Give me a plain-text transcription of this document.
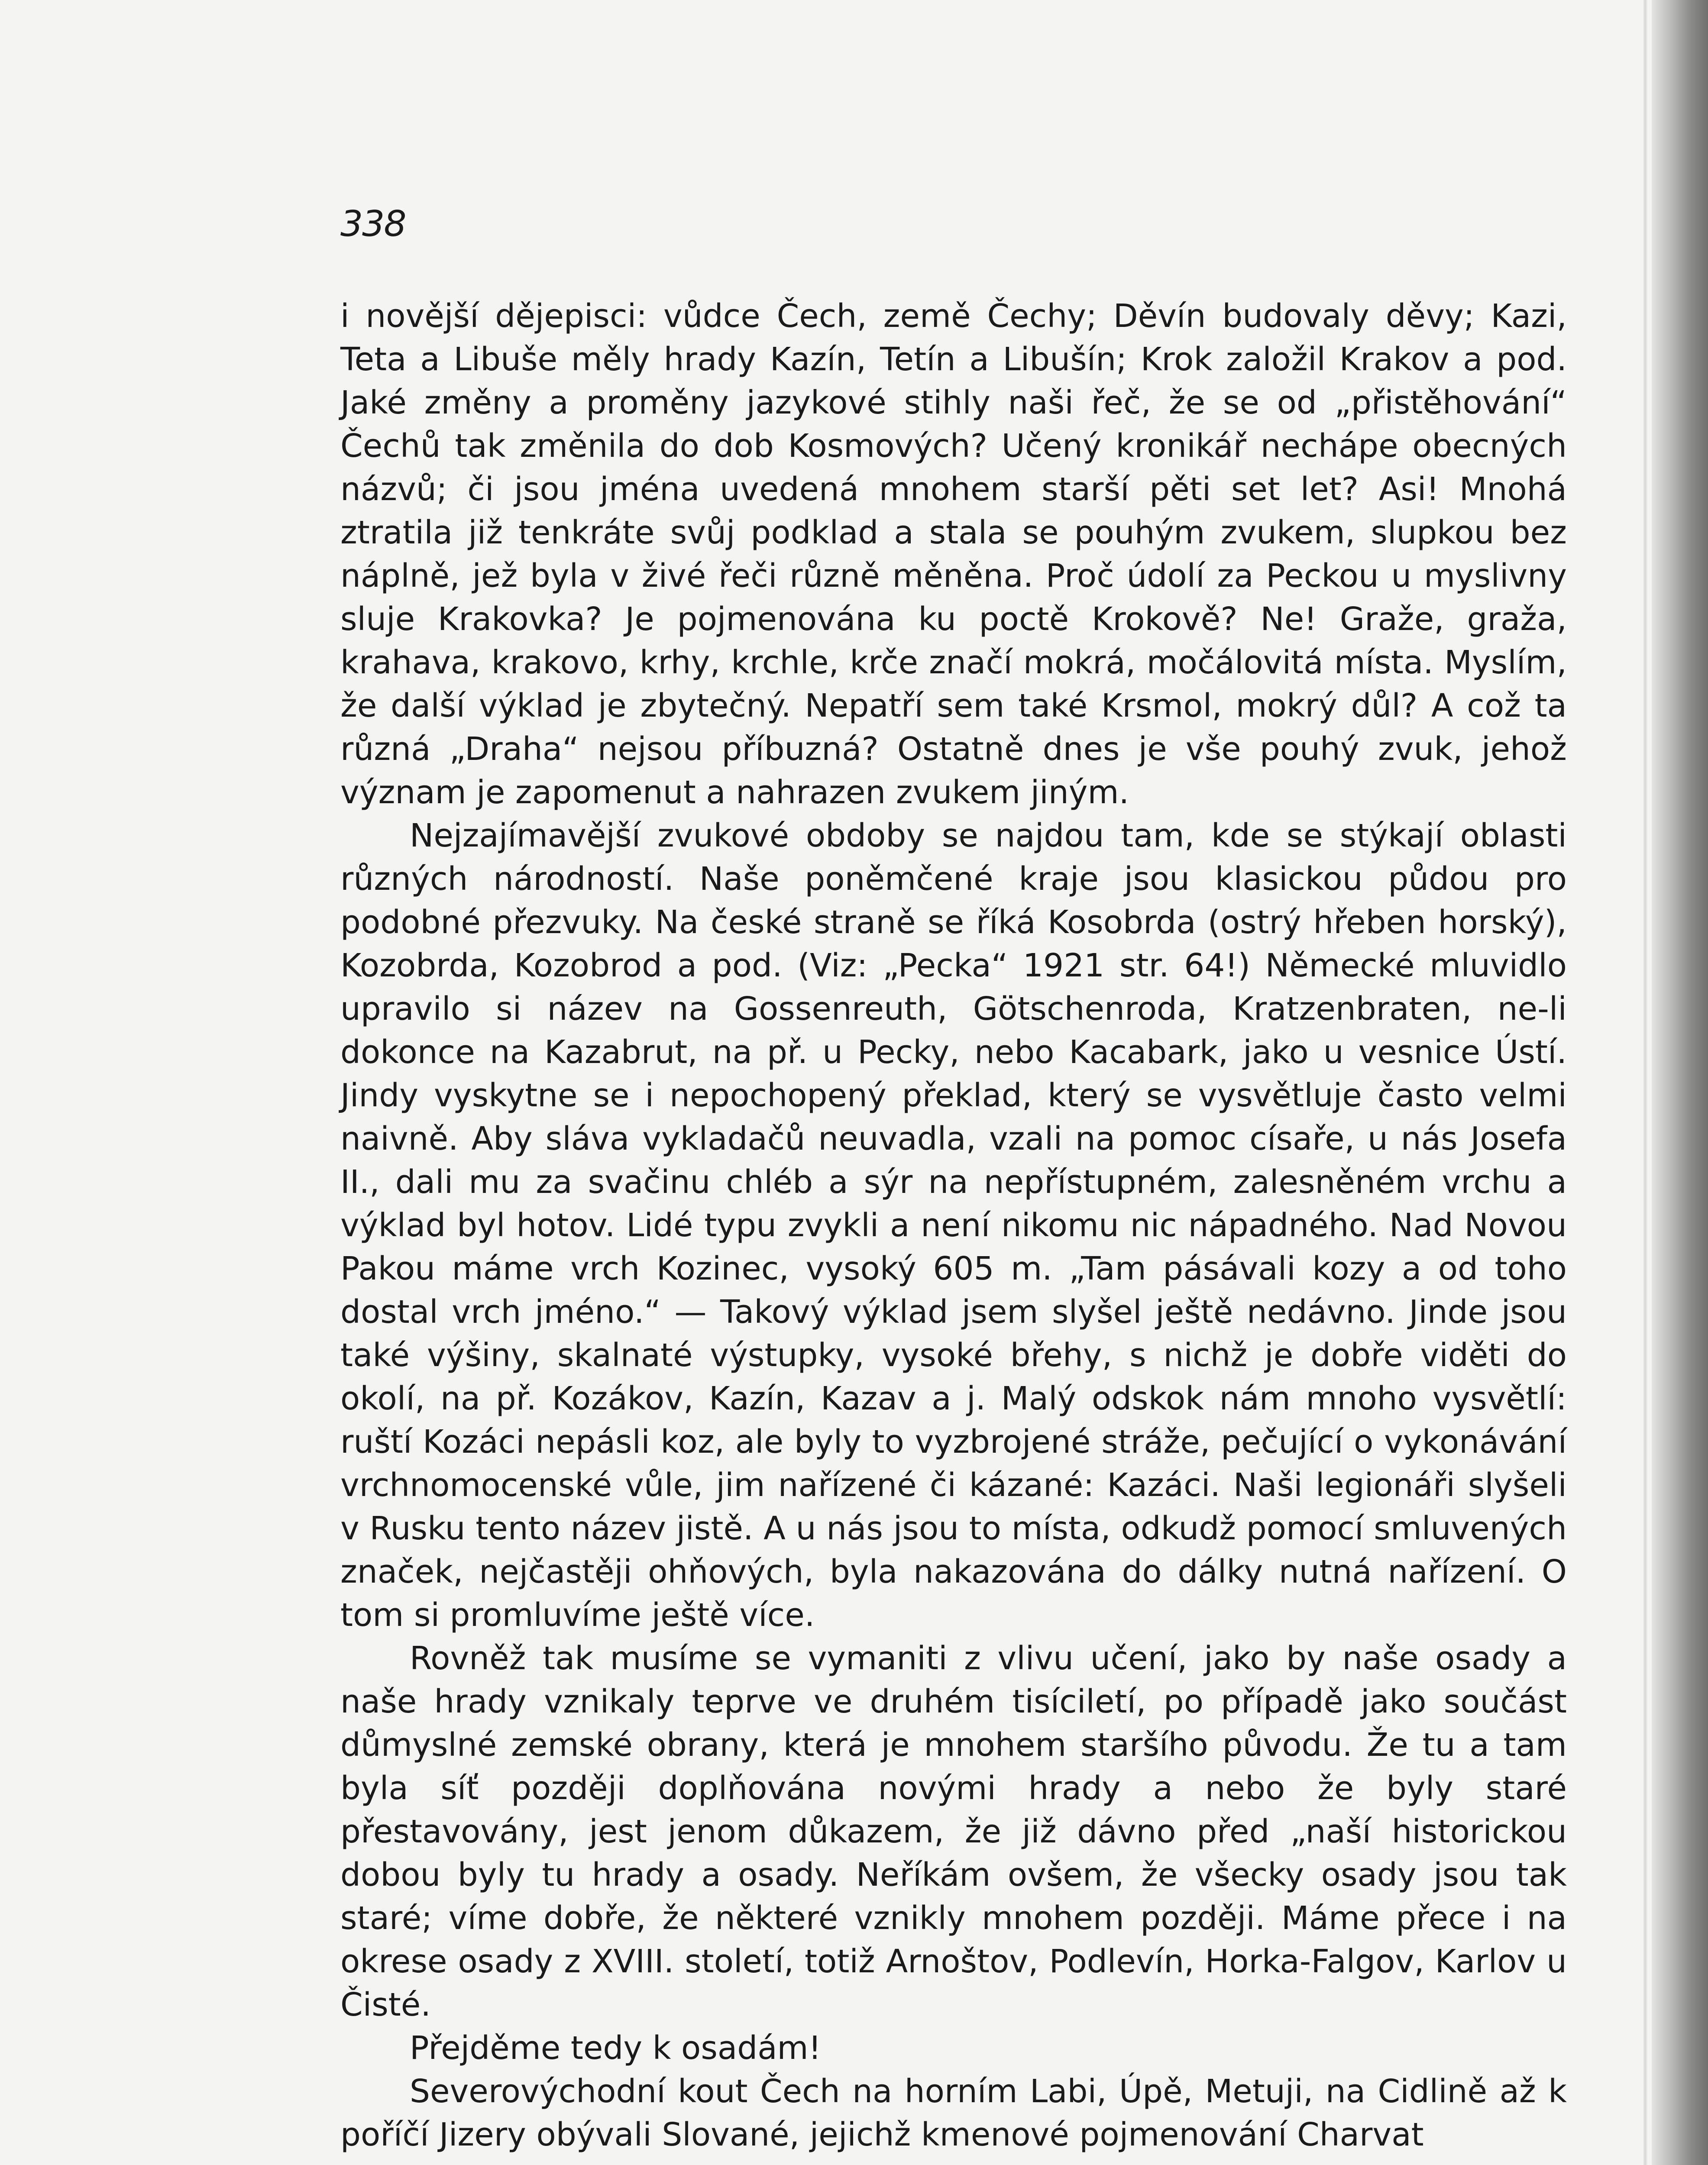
338

i novější dějepisci: vůdce Čech, země Čechy; Děvín budovaly děvy; Kazi, Teta a Libuše měly hrady Kazín, Tetín a Libušín; Krok založil Krakov a pod. Jaké změny a proměny jazykové stihly naši řeč, že se od „přistěhování“ Čechů tak změnila do dob Kosmových? Učený kronikář nechápe obecných názvů; či jsou jména uvedená mnohem starší pěti set let? Asi! Mnohá ztratila již tenkráte svůj podklad a stala se pouhým zvukem, slupkou bez náplně, jež byla v živé řeči různě měněna. Proč údolí za Peckou u myslivny sluje Krakovka? Je pojmenována ku poctě Krokově? Ne! Graže, graža, krahava, krakovo, krhy, krchle, krče značí mokrá, močálovitá místa. Myslím, že další výklad je zbytečný. Nepatří sem také Krsmol, mokrý důl? A což ta různá „Draha“ nejsou příbuzná? Ostatně dnes je vše pouhý zvuk, jehož význam je zapomenut a nahrazen zvukem jiným.

Nejzajímavější zvukové obdoby se najdou tam, kde se stýkají oblasti různých národností. Naše poněmčené kraje jsou klasickou půdou pro podobné přezvuky. Na české straně se říká Kosobrda (ostrý hřeben horský), Kozobrda, Kozobrod a pod. (Viz: „Pecka“ 1921 str. 64!) Německé mluvidlo upravilo si název na Gossenreuth, Götschenroda, Kratzenbraten, ne-li dokonce na Kazabrut, na př. u Pecky, nebo Kacabark, jako u vesnice Ústí. Jindy vyskytne se i nepochopený překlad, který se vysvětluje často velmi naivně. Aby sláva vykladačů neuvadla, vzali na pomoc císaře, u nás Josefa II., dali mu za svačinu chléb a sýr na nepřístupném, zalesněném vrchu a výklad byl hotov. Lidé typu zvykli a není nikomu nic nápadného. Nad Novou Pakou máme vrch Kozinec, vysoký 605 m. „Tam pásávali kozy a od toho dostal vrch jméno.“ — Takový výklad jsem slyšel ještě nedávno. Jinde jsou také výšiny, skalnaté výstupky, vysoké břehy, s nichž je dobře viděti do okolí, na př. Kozákov, Kazín, Kazav a j. Malý odskok nám mnoho vysvětlí: ruští Kozáci nepásli koz, ale byly to vyzbrojené stráže, pečující o vykonávání vrchnomocenské vůle, jim nařízené či kázané: Kazáci. Naši legionáři slyšeli v Rusku tento název jistě. A u nás jsou to místa, odkudž pomocí smluvených značek, nejčastěji ohňových, byla nakazována do dálky nutná nařízení. O tom si promluvíme ještě více.

Rovněž tak musíme se vymaniti z vlivu učení, jako by naše osady a naše hrady vznikaly teprve ve druhém tisíciletí, po případě jako součást důmyslné zemské obrany, která je mnohem staršího původu. Že tu a tam byla síť později doplňována novými hrady a nebo že byly staré přestavovány, jest jenom důkazem, že již dávno před „naší historickou dobou byly tu hrady a osady. Neříkám ovšem, že všecky osady jsou tak staré; víme dobře, že některé vznikly mnohem později. Máme přece i na okrese osady z XVIII. století, totiž Arnoštov, Podlevín, Horka-Falgov, Karlov u Čisté.

Přejděme tedy k osadám!

Severovýchodní kout Čech na horním Labi, Úpě, Metuji, na Cidlině až k poříčí Jizery obývali Slované, jejichž kmenové pojmenování Charvat
